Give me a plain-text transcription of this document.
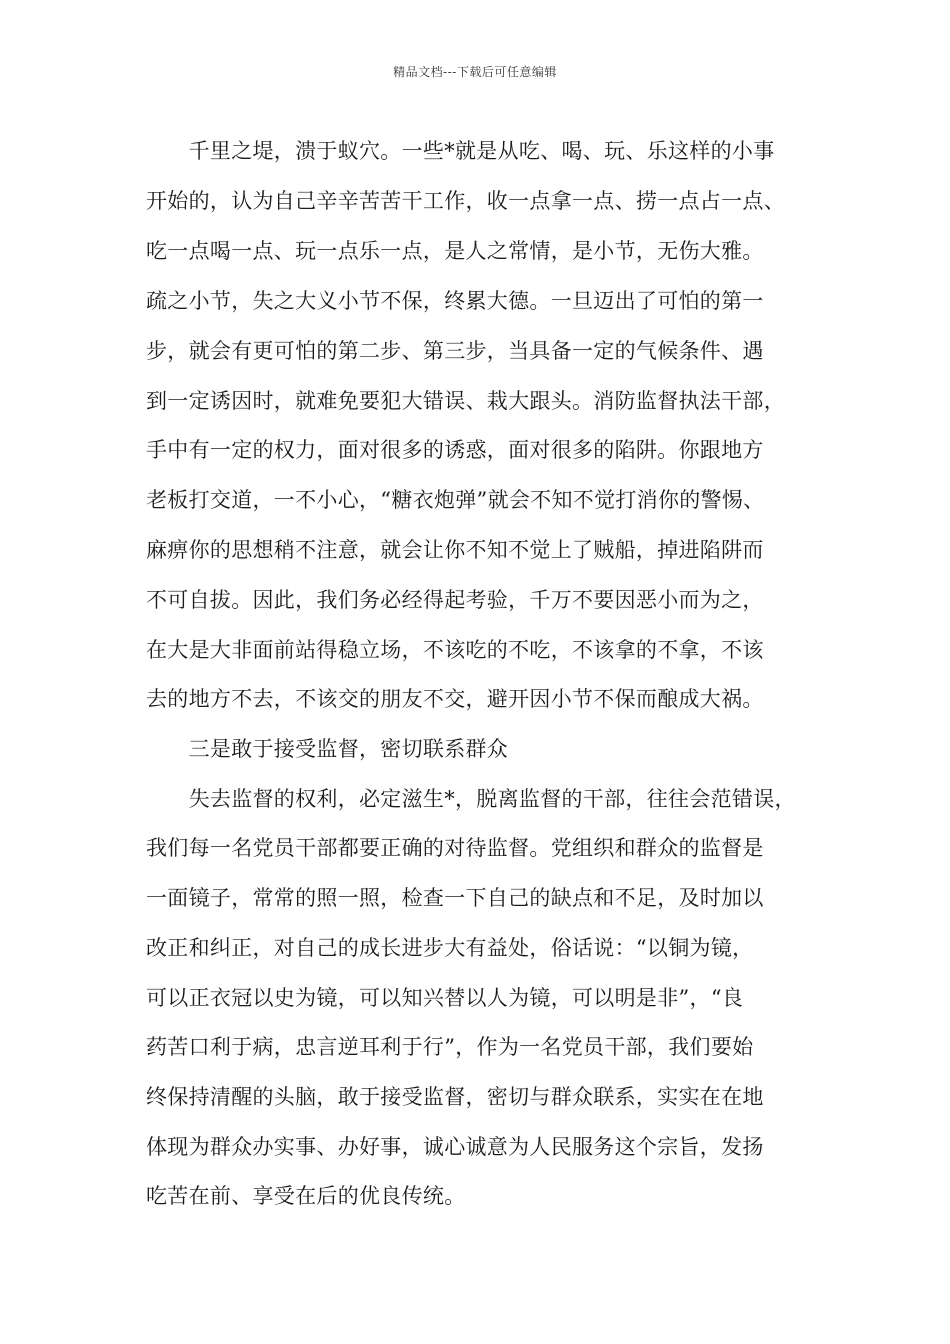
精品文档---下载后可任意编辑
　　千里之堤，溃于蚁穴。一些*就是从吃、喝、玩、乐这样的小事
开始的，认为自己辛辛苦苦干工作，收一点拿一点、捞一点占一点、
吃一点喝一点、玩一点乐一点，是人之常情，是小节，无伤大雅。
疏之小节，失之大义小节不保，终累大德。一旦迈出了可怕的第一
步，就会有更可怕的第二步、第三步，当具备一定的气候条件、遇
到一定诱因时，就难免要犯大错误、栽大跟头。消防监督执法干部，
手中有一定的权力，面对很多的诱惑，面对很多的陷阱。你跟地方
老板打交道，一不小心，“糖衣炮弹”就会不知不觉打消你的警惕、
麻痹你的思想稍不注意，就会让你不知不觉上了贼船，掉进陷阱而
不可自拔。因此，我们务必经得起考验，千万不要因恶小而为之，
在大是大非面前站得稳立场，不该吃的不吃，不该拿的不拿，不该
去的地方不去，不该交的朋友不交，避开因小节不保而酿成大祸。
　　三是敢于接受监督，密切联系群众
　　失去监督的权利，必定滋生*，脱离监督的干部，往往会范错误，
我们每一名党员干部都要正确的对待监督。党组织和群众的监督是
一面镜子，常常的照一照，检查一下自己的缺点和不足，及时加以
改正和纠正，对自己的成长进步大有益处，俗话说：“以铜为镜，
可以正衣冠以史为镜，可以知兴替以人为镜，可以明是非”，“良
药苦口利于病，忠言逆耳利于行”，作为一名党员干部，我们要始
终保持清醒的头脑，敢于接受监督，密切与群众联系，实实在在地
体现为群众办实事、办好事，诚心诚意为人民服务这个宗旨，发扬
吃苦在前、享受在后的优良传统。
